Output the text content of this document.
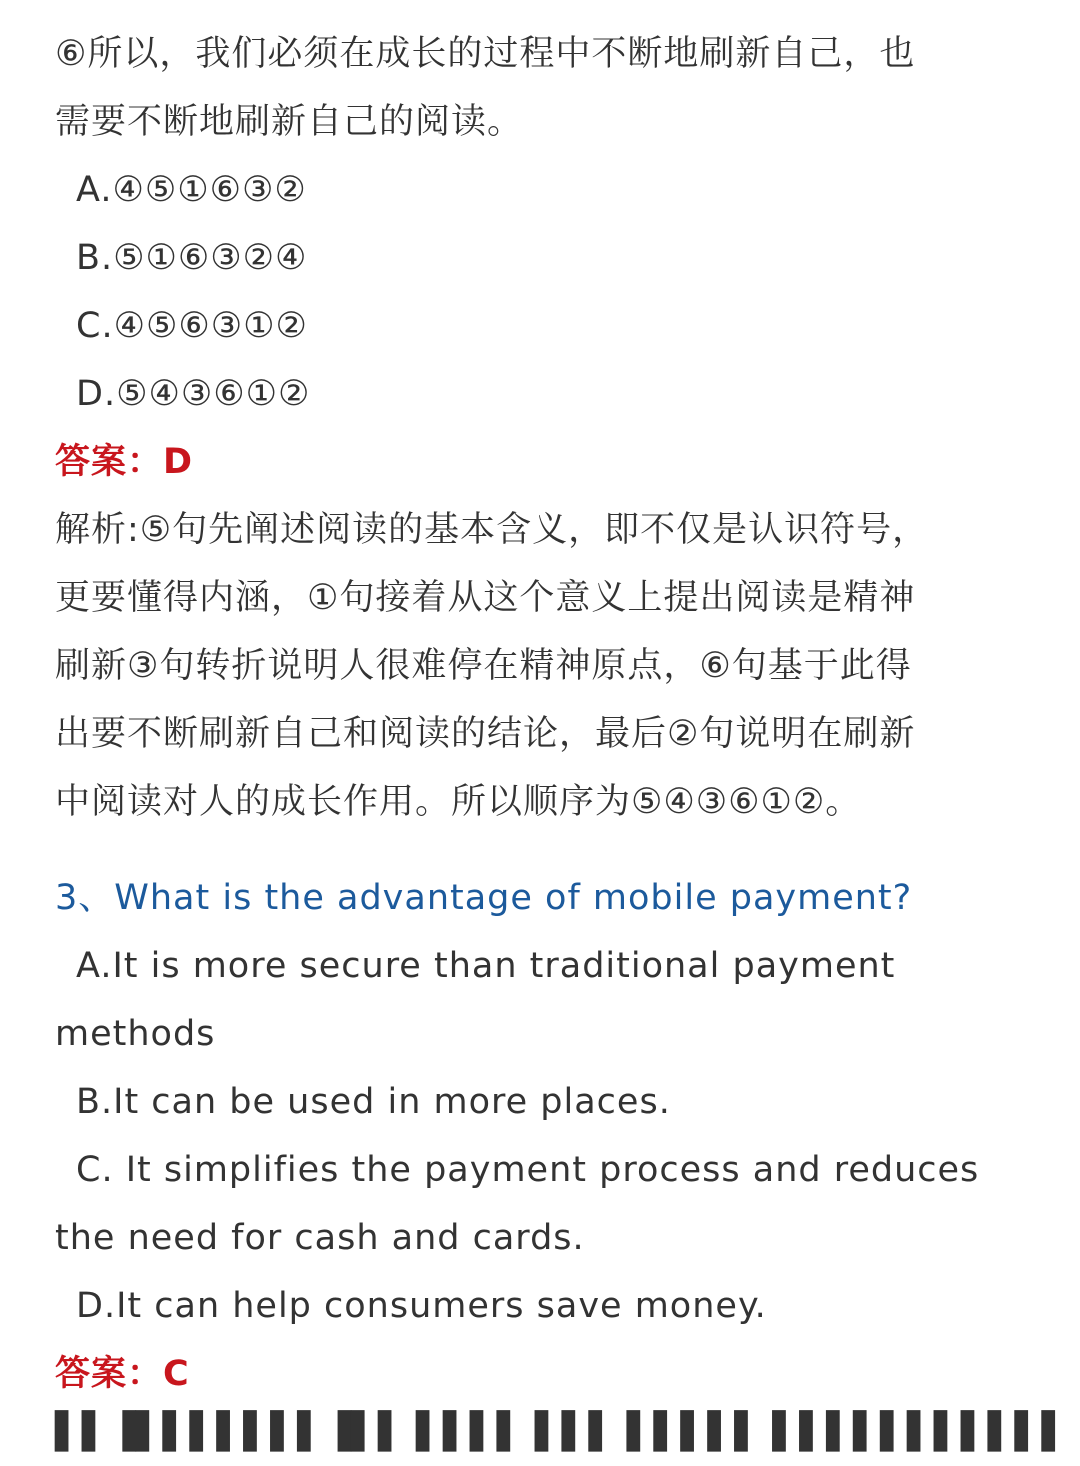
⑥所以，我们必须在成长的过程中不断地刷新自己，也
需要不断地刷新自己的阅读。
A.④⑤①⑥③②
B.⑤①⑥③②④
C.④⑤⑥③①②
D.⑤④③⑥①②
答案：D
解析:⑤句先阐述阅读的基本含义，即不仅是认识符号，
更要懂得内涵，①句接着从这个意义上提出阅读是精神
刷新③句转折说明人很难停在精神原点，⑥句基于此得
出要不断刷新自己和阅读的结论，最后②句说明在刷新
中阅读对人的成长作用。所以顺序为⑤④③⑥①②。
3、What is the advantage of mobile payment?
A.It is more secure than traditional payment
methods
B.It can be used in more places.
C. It simplifies the payment process and reduces
the need for cash and cards.
D.It can help consumers save money.
答案：C
▌▌▐▌▌▌▌▌▌▌▐▌▌ ▌▌▌▌ ▌▌▌ ▌▌▌▌▌ ▌▌▌▌▌▌▌▌▌▌▌
